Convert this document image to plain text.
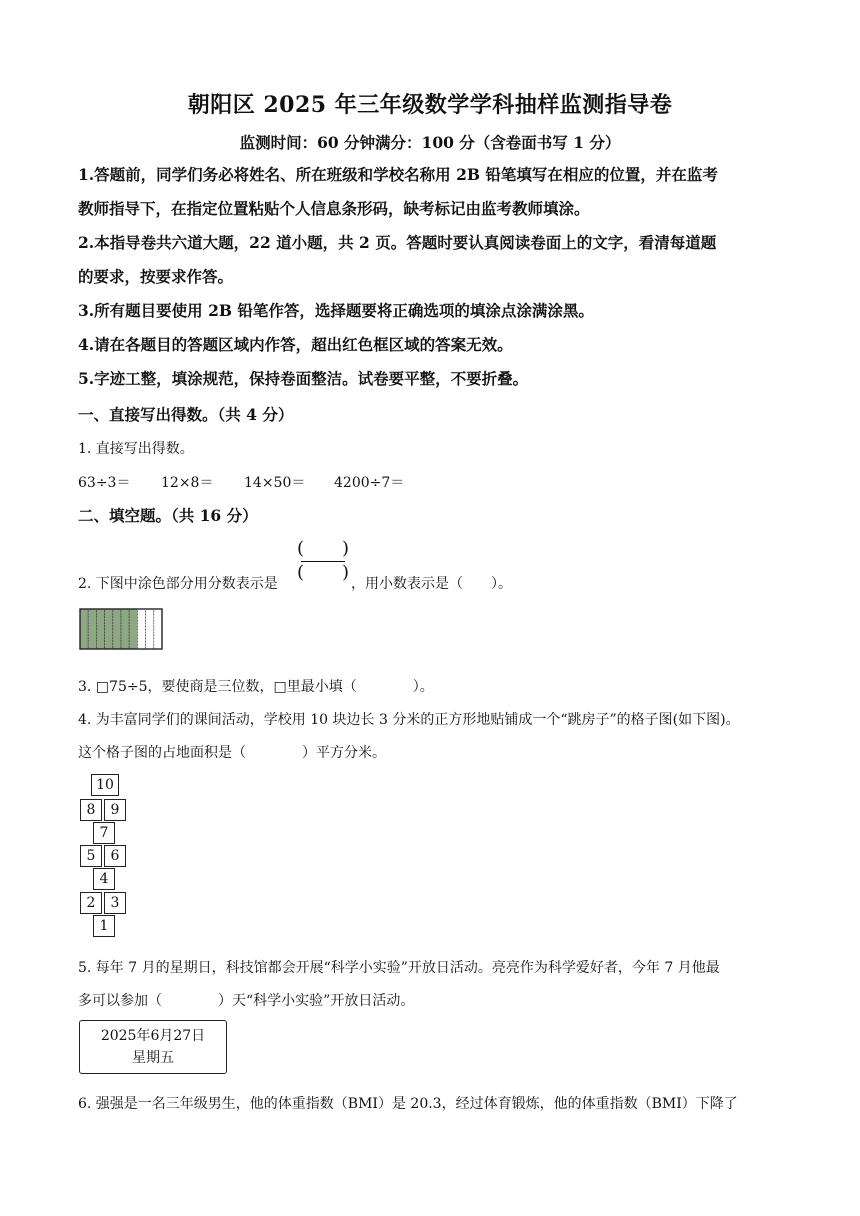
朝阳区 2025 年三年级数学学科抽样监测指导卷
监测时间：60 分钟满分：100 分（含卷面书写 1 分）
1.答题前，同学们务必将姓名、所在班级和学校名称用 2B 铅笔填写在相应的位置，并在监考
教师指导下，在指定位置粘贴个人信息条形码，缺考标记由监考教师填涂。
2.本指导卷共六道大题，22 道小题，共 2 页。答题时要认真阅读卷面上的文字，看清每道题
的要求，按要求作答。
3.所有题目要使用 2B 铅笔作答，选择题要将正确选项的填涂点涂满涂黑。
4.请在各题目的答题区域内作答，超出红色框区域的答案无效。
5.字迹工整，填涂规范，保持卷面整洁。试卷要平整，不要折叠。
一、直接写出得数。（共 4 分）
1. 直接写出得数。
63÷3＝ 12×8＝ 14×50＝ 4200÷7＝
二、填空题。（共 16 分）
2. 下图中涂色部分用分数表示是
( )
( )
，用小数表示是（　　）。
3. □75÷5，要使商是三位数，□里最小填（　　　　）。
4. 为丰富同学们的课间活动，学校用 10 块边长 3 分米的正方形地贴铺成一个“跳房子”的格子图(如下图)。
这个格子图的占地面积是（　　　　）平方分米。
10
8	9
7
5	6
4
2	3
1
5. 每年 7 月的星期日，科技馆都会开展“科学小实验”开放日活动。亮亮作为科学爱好者，今年 7 月他最
多可以参加（　　　　）天“科学小实验”开放日活动。
2025年6月27日
星期五
6. 强强是一名三年级男生，他的体重指数（BMI）是 20.3，经过体育锻炼，他的体重指数（BMI）下降了
